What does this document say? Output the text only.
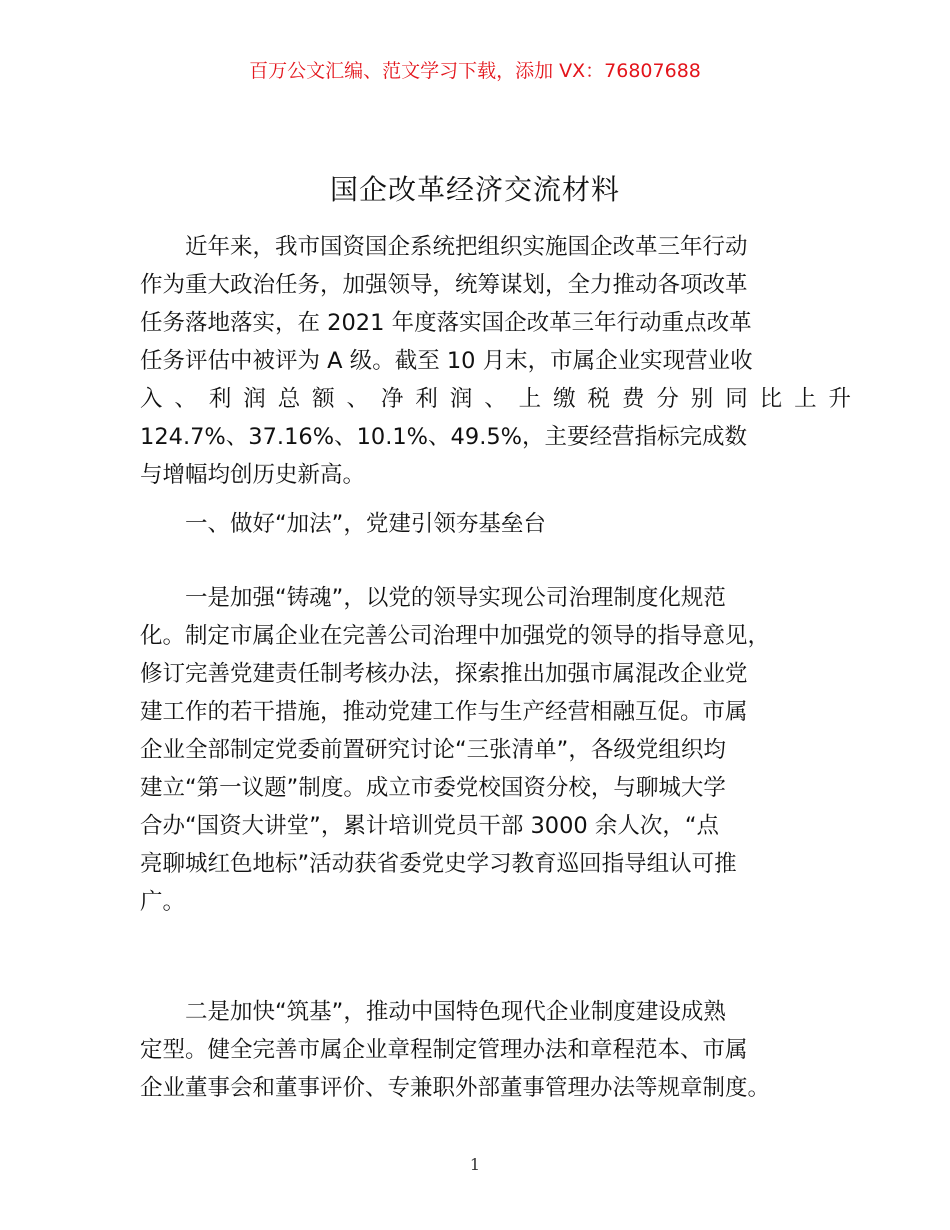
百万公文汇编、范文学习下载，添加 VX：76807688
国企改革经济交流材料
近年来，我市国资国企系统把组织实施国企改革三年行动
作为重大政治任务，加强领导，统筹谋划，全力推动各项改革
任务落地落实，在 2021 年度落实国企改革三年行动重点改革
任务评估中被评为 A 级。截至 10 月末，市属企业实现营业收
入、利润总额、净利润、上缴税费分别同比上升
124.7%、37.16%、10.1%、49.5%，主要经营指标完成数
与增幅均创历史新高。
一、做好“加法”，党建引领夯基垒台
一是加强“铸魂”，以党的领导实现公司治理制度化规范
化。制定市属企业在完善公司治理中加强党的领导的指导意见，
修订完善党建责任制考核办法，探索推出加强市属混改企业党
建工作的若干措施，推动党建工作与生产经营相融互促。市属
企业全部制定党委前置研究讨论“三张清单”，各级党组织均
建立“第一议题”制度。成立市委党校国资分校，与聊城大学
合办“国资大讲堂”，累计培训党员干部 3000 余人次，“点
亮聊城红色地标”活动获省委党史学习教育巡回指导组认可推
广。
二是加快“筑基”，推动中国特色现代企业制度建设成熟
定型。健全完善市属企业章程制定管理办法和章程范本、市属
企业董事会和董事评价、专兼职外部董事管理办法等规章制度。
1
